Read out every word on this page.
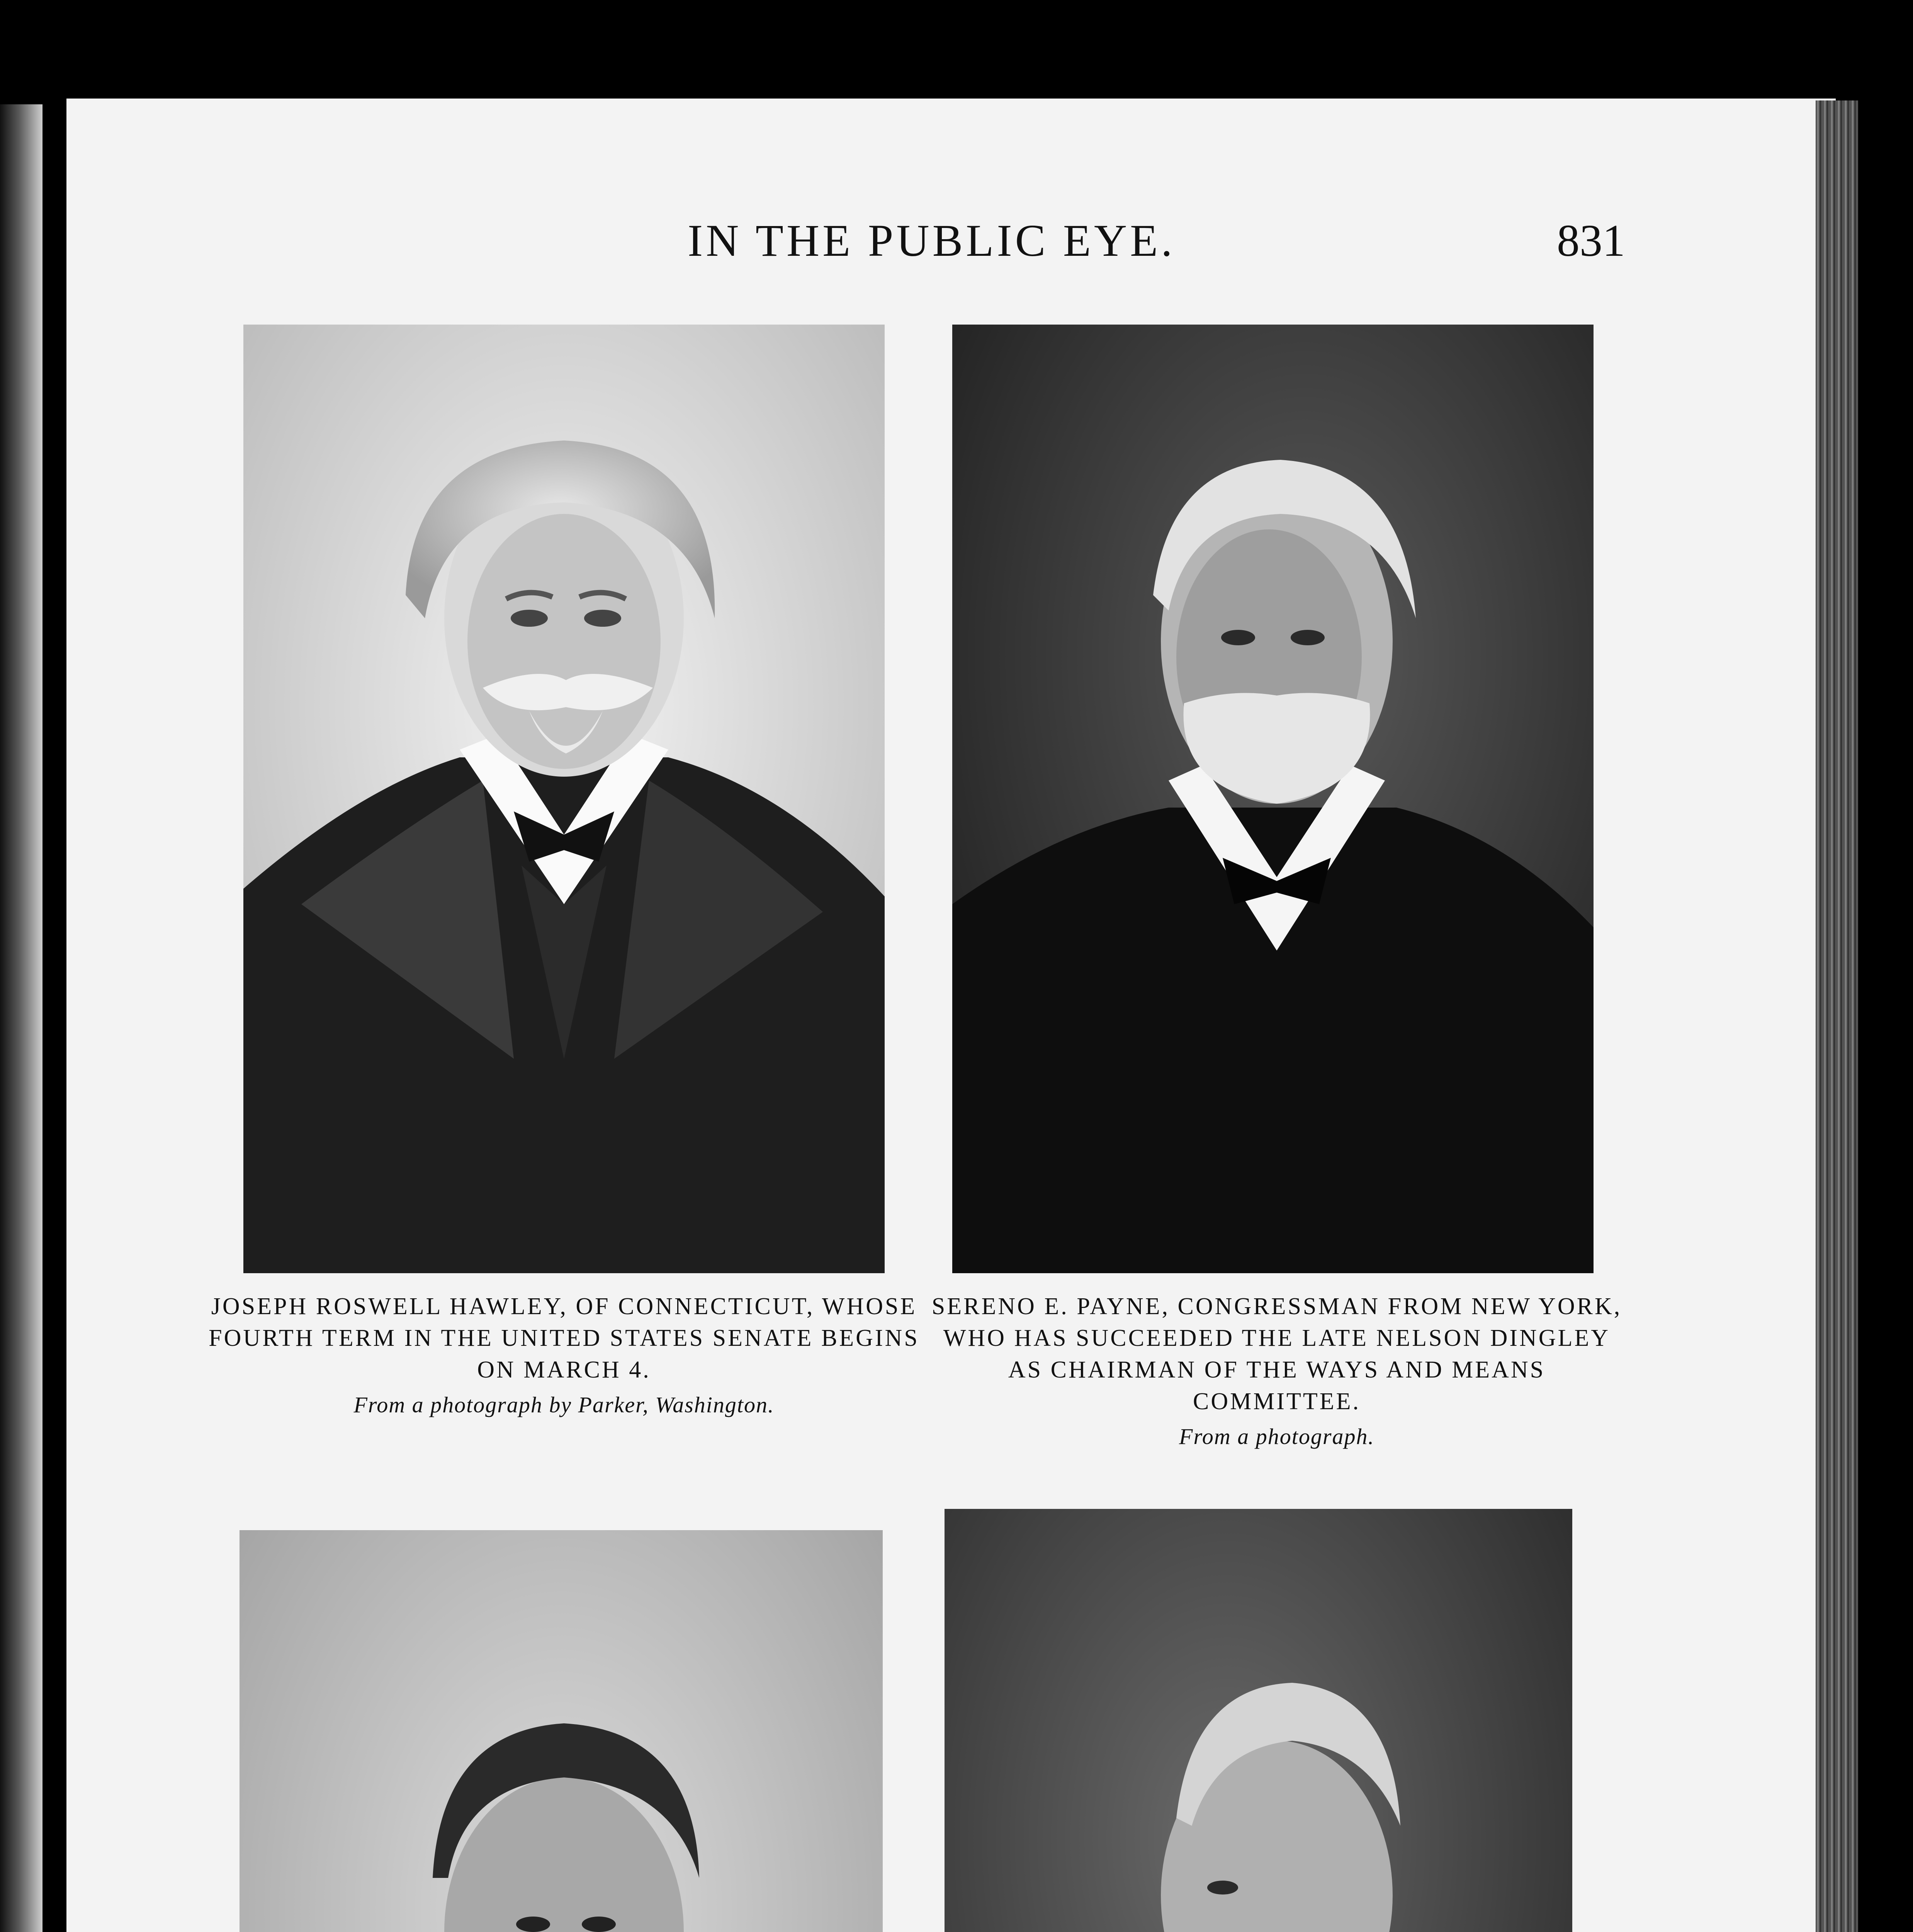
IN THE PUBLIC EYE.	831
JOSEPH ROSWELL HAWLEY, OF CONNECTICUT, WHOSE FOURTH TERM IN THE UNITED STATES SENATE BEGINS ON MARCH 4.
From a photograph by Parker, Washington.
SERENO E. PAYNE, CONGRESSMAN FROM NEW YORK, WHO HAS SUCCEEDED THE LATE NELSON DINGLEY AS CHAIRMAN OF THE WAYS AND MEANS COMMITTEE.
From a photograph.
